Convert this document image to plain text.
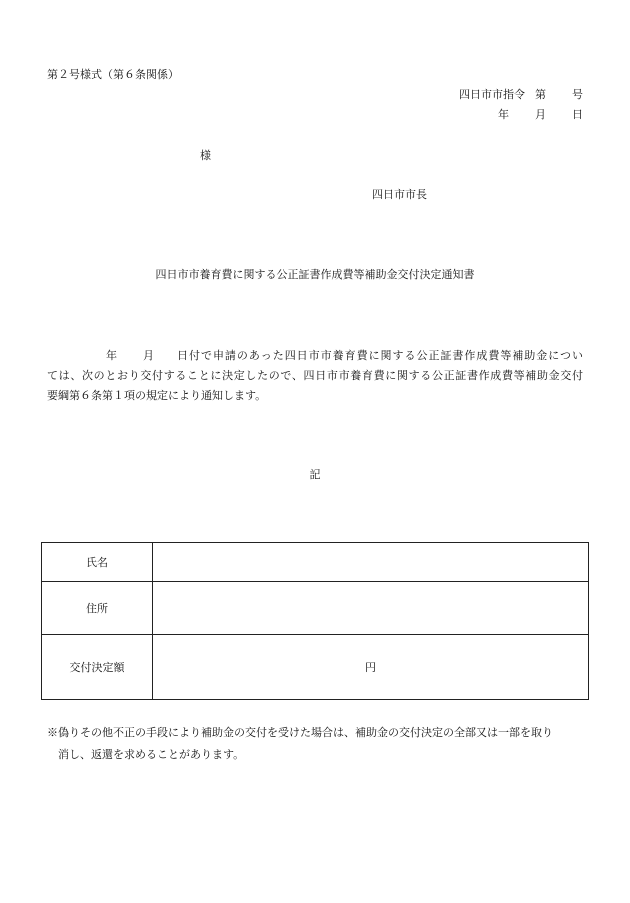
第２号様式（第６条関係）
四日市市指令 第 号
年 月 日
様
四日市市長
四日市市養育費に関する公正証書作成費等補助金交付決定通知書
年 月 日付で申請のあった四日市市養育費に関する公正証書作成費等補助金につい
ては、次のとおり交付することに決定したので、四日市市養育費に関する公正証書作成費等補助金交付
要綱第６条第１項の規定により通知します。
記
氏名	
住所	
交付決定額	円
※偽りその他不正の手段により補助金の交付を受けた場合は、補助金の交付決定の全部又は一部を取り
消し、返還を求めることがあります。
